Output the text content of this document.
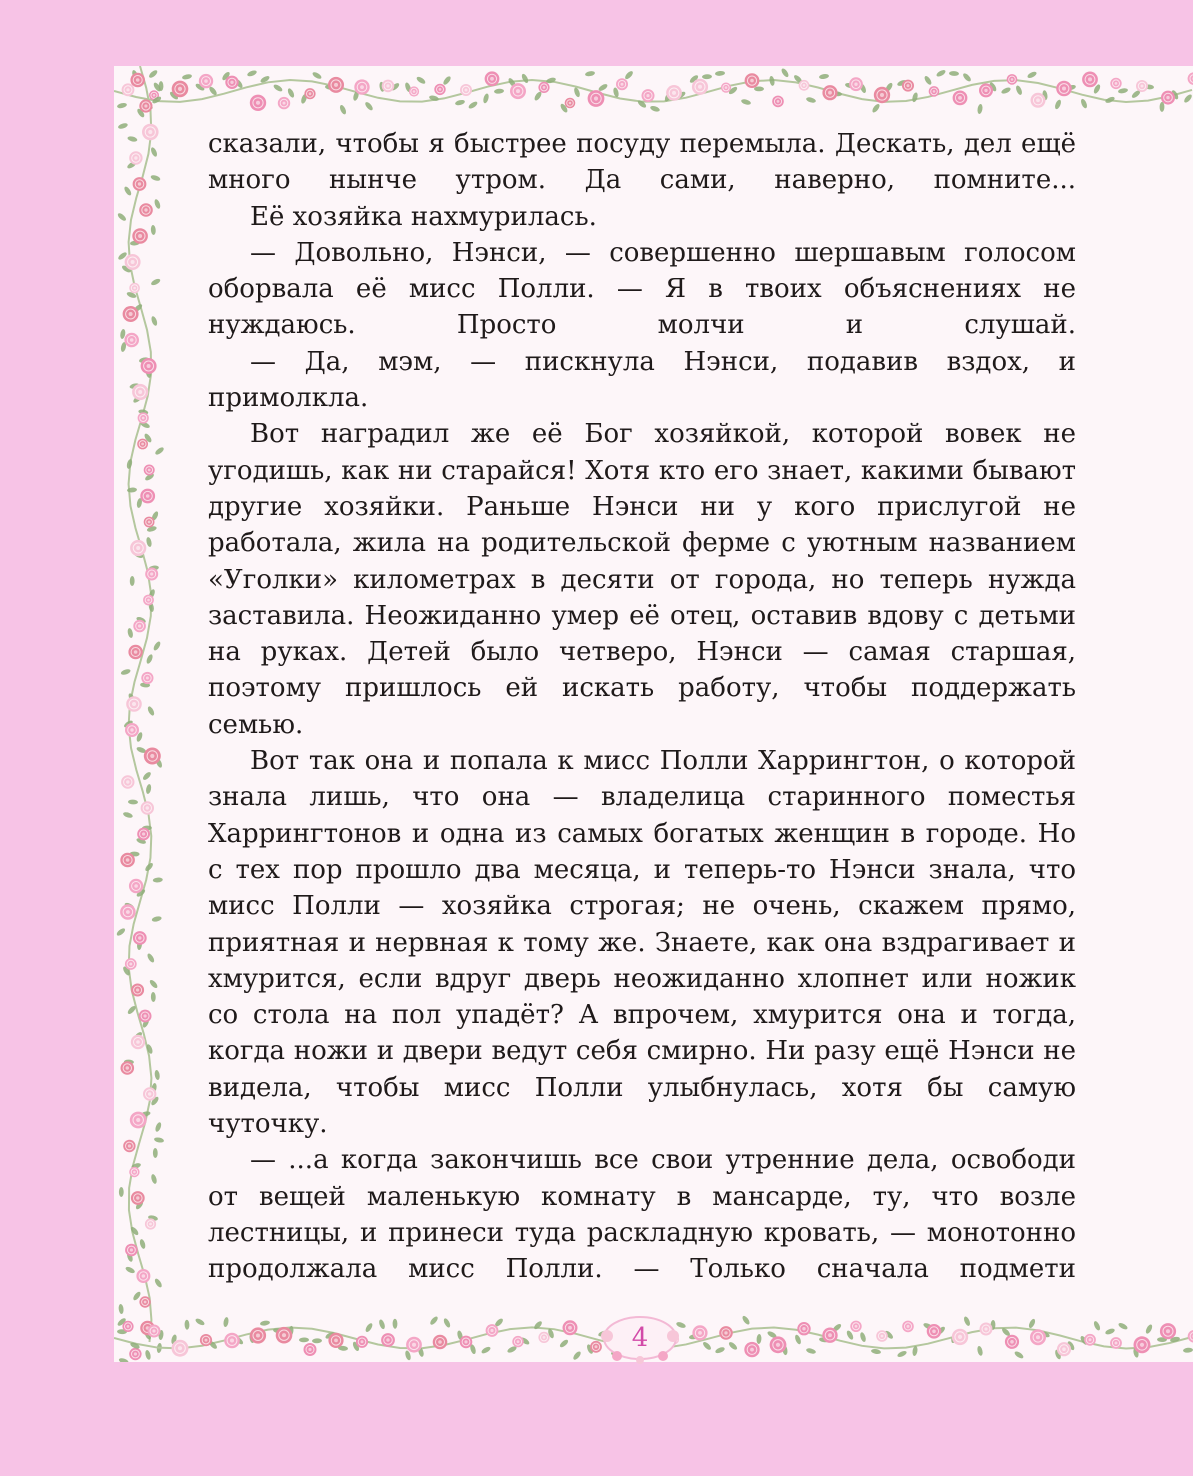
сказали, чтобы я быстрее посуду перемыла. Дескать, дел ещё много нынче утром. Да сами, наверно, помните...

Её хозяйка нахмурилась.

— Довольно, Нэнси, — совершенно шершавым голосом оборвала её мисс Полли. — Я в твоих объяснениях не нуждаюсь. Просто молчи и слушай.

— Да, мэм, — пискнула Нэнси, подавив вздох, и примолкла.

Вот наградил же её Бог хозяйкой, которой вовек не угодишь, как ни старайся! Хотя кто его знает, какими бывают другие хозяйки. Раньше Нэнси ни у кого прислугой не работала, жила на родительской ферме с уютным названием «Уголки» километрах в десяти от города, но теперь нужда заставила. Неожиданно умер её отец, оставив вдову с детьми на руках. Детей было четверо, Нэнси — самая старшая, поэтому пришлось ей искать работу, чтобы поддержать семью.

Вот так она и попала к мисс Полли Харрингтон, о которой знала лишь, что она — владелица старинного поместья Харрингтонов и одна из самых богатых женщин в городе. Но с тех пор прошло два месяца, и теперь-то Нэнси знала, что мисс Полли — хозяйка строгая; не очень, скажем прямо, приятная и нервная к тому же. Знаете, как она вздрагивает и хмурится, если вдруг дверь неожиданно хлопнет или ножик со стола на пол упадёт? А впрочем, хмурится она и тогда, когда ножи и двери ведут себя смирно. Ни разу ещё Нэнси не видела, чтобы мисс Полли улыбнулась, хотя бы самую чуточку.

— ...а когда закончишь все свои утренние дела, освободи от вещей маленькую комнату в мансарде, ту, что возле лестницы, и принеси туда раскладную кровать, — монотонно продолжала мисс Полли. — Только сначала подмети

4
